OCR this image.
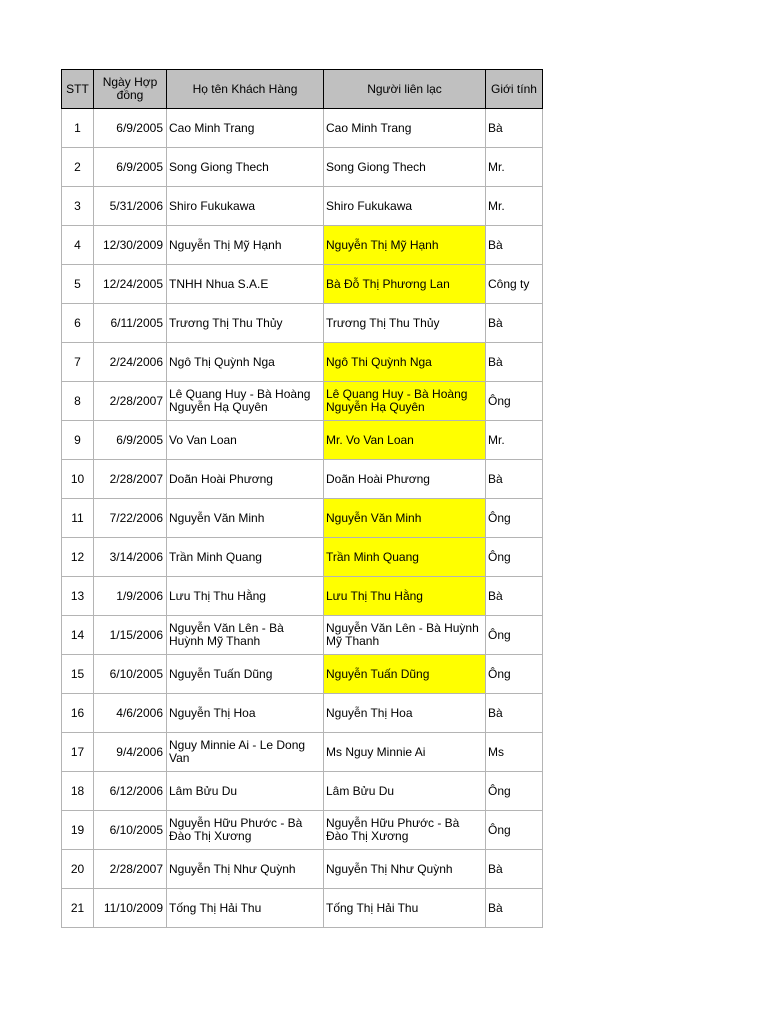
STT	Ngày Hợp đồng	Họ tên Khách Hàng	Người liên lạc	Giới tính
1	6/9/2005	Cao Minh Trang	Cao Minh Trang	Bà
2	6/9/2005	Song Giong Thech	Song Giong Thech	Mr.
3	5/31/2006	Shiro Fukukawa	Shiro Fukukawa	Mr.
4	12/30/2009	Nguyễn Thị Mỹ Hạnh	Nguyễn Thị Mỹ Hạnh	Bà
5	12/24/2005	TNHH Nhua S.A.E	Bà Đỗ Thị Phương Lan	Công ty
6	6/11/2005	Trương Thị Thu Thủy	Trương Thị Thu Thủy	Bà
7	2/24/2006	Ngô Thị Quỳnh Nga	Ngô Thi Quỳnh Nga	Bà
8	2/28/2007	Lê Quang Huy - Bà Hoàng Nguyễn Hạ Quyên	Lê Quang Huy - Bà Hoàng Nguyễn Hạ Quyên	Ông
9	6/9/2005	Vo Van Loan	Mr. Vo Van Loan	Mr.
10	2/28/2007	Doãn Hoài Phương	Doãn Hoài Phương	Bà
11	7/22/2006	Nguyễn Văn Minh	Nguyễn Văn Minh	Ông
12	3/14/2006	Trần Minh Quang	Trần Minh Quang	Ông
13	1/9/2006	Lưu Thị Thu Hằng	Lưu Thị Thu Hằng	Bà
14	1/15/2006	Nguyễn Văn Lên - Bà Huỳnh Mỹ Thanh	Nguyễn Văn Lên - Bà Huỳnh Mỹ Thanh	Ông
15	6/10/2005	Nguyễn Tuấn Dũng	Nguyễn Tuấn Dũng	Ông
16	4/6/2006	Nguyễn Thị Hoa	Nguyễn Thị Hoa	Bà
17	9/4/2006	Nguy Minnie Ai - Le Dong Van	Ms Nguy Minnie Ai	Ms
18	6/12/2006	Lâm Bửu Du	Lâm Bửu Du	Ông
19	6/10/2005	Nguyễn Hữu Phước - Bà Đào Thị Xương	Nguyễn Hữu Phước - Bà Đào Thị Xương	Ông
20	2/28/2007	Nguyễn Thị Như Quỳnh	Nguyễn Thị Như Quỳnh	Bà
21	11/10/2009	Tống Thị Hải Thu	Tống Thị Hải Thu	Bà
